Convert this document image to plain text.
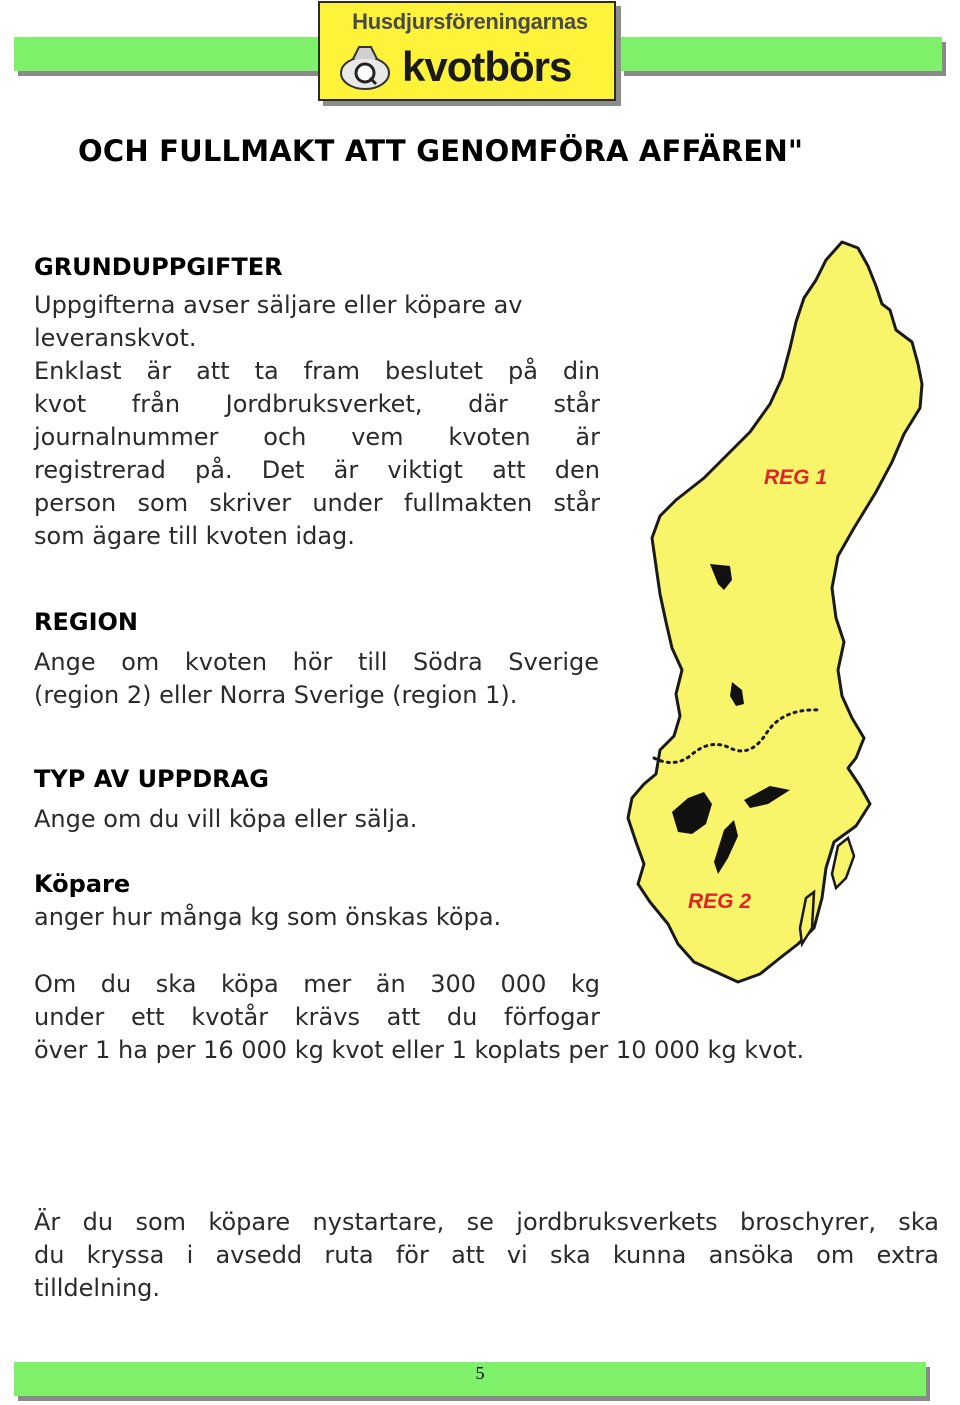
Husdjursföreningarnas
kvotbörs
OCH FULLMAKT ATT GENOMFÖRA AFFÄREN"
REG 1
REG 2
GRUNDUPPGIFTER
Uppgifterna avser säljare eller köpare av
leveranskvot.
Enklast är att ta fram beslutet på din
kvot från Jordbruksverket, där står
journalnummer och vem kvoten är
registrerad på. Det är viktigt att den
person som skriver under fullmakten står
som ägare till kvoten idag.
REGION
Ange om kvoten hör till Södra Sverige
(region 2) eller Norra Sverige (region 1).
TYP AV UPPDRAG
Ange om du vill köpa eller sälja.
Köpare
anger hur många kg som önskas köpa.
Om du ska köpa mer än 300 000 kg
under ett kvotår krävs att du förfogar
över 1 ha per 16 000 kg kvot eller 1 koplats per 10 000 kg kvot.
Är du som köpare nystartare, se jordbruksverkets broschyrer, ska
du kryssa i avsedd ruta för att vi ska kunna ansöka om extra
tilldelning.
5
